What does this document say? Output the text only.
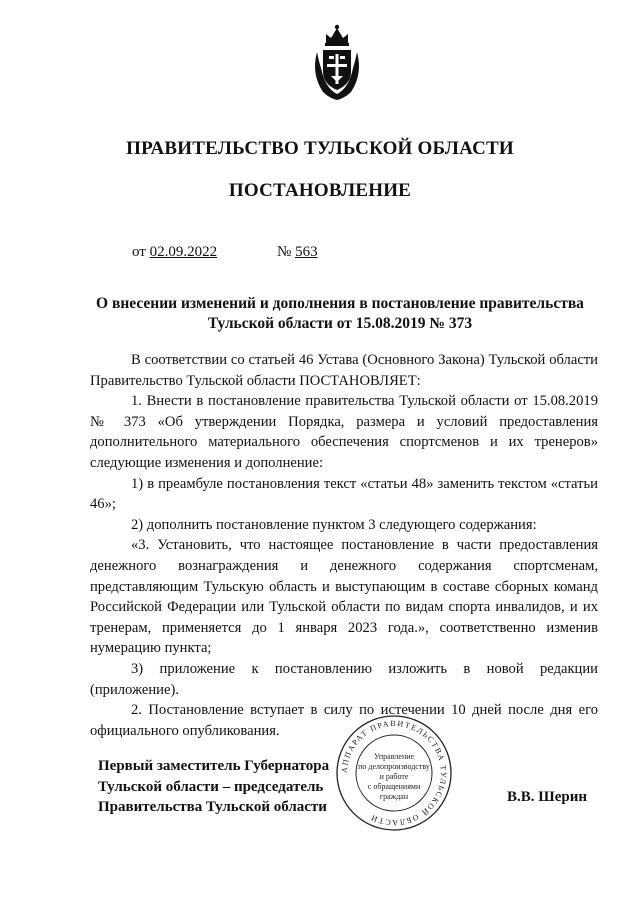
ПРАВИТЕЛЬСТВО ТУЛЬСКОЙ ОБЛАСТИ
ПОСТАНОВЛЕНИЕ
от 02.09.2022	№ 563
О внесении изменений и дополнения в постановление правительства Тульской области от 15.08.2019 № 373

В соответствии со статьей 46 Устава (Основного Закона) Тульской области Правительство Тульской области ПОСТАНОВЛЯЕТ:

1. Внести в постановление правительства Тульской области от 15.08.2019 № 373 «Об утверждении Порядка, размера и условий предоставления дополнительного материального обеспечения спортсменов и их тренеров» следующие изменения и дополнение:

1) в преамбуле постановления текст «статьи 48» заменить текстом «статьи 46»;

2) дополнить постановление пунктом 3 следующего содержания:

«3. Установить, что настоящее постановление в части предоставления денежного вознаграждения и денежного содержания спортсменам, представляющим Тульскую область и выступающим в составе сборных команд Российской Федерации или Тульской области по видам спорта инвалидов, и их тренерам, применяется до 1 января 2023 года.», соответственно изменив нумерацию пункта;

3) приложение к постановлению изложить в новой редакции (приложение).

2. Постановление вступает в силу по истечении 10 дней после дня его официального опубликования.

Первый заместитель Губернатора
Тульской области – председатель
Правительства Тульской области
АППАРАТ ПРАВИТЕЛЬСТВА ТУЛЬСКОЙ ОБЛАСТИ
Управление
по делопроизводству
и работе
с обращениями
граждан	В.В. Шерин
